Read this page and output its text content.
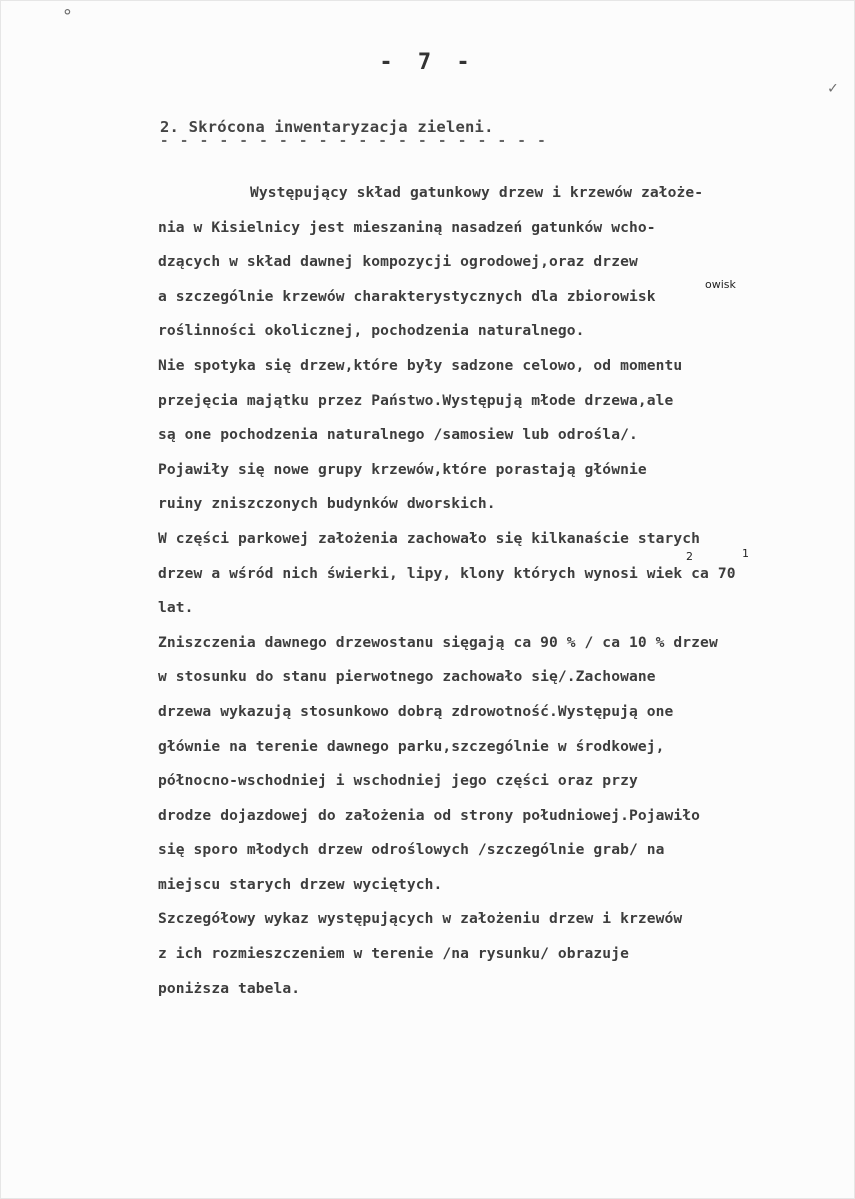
°
✓
- 7 -
2. Skrócona inwentaryzacja zieleni.
- - - - - - - - - - - - - - - - - - - -
Występujący skład gatunkowy drzew i krzewów założe-
nia w Kisielnicy jest mieszaniną nasadzeń gatunków wcho-
dzących w skład dawnej kompozycji ogrodowej,oraz drzew
a szczególnie krzewów charakterystycznych dla zbiorowisk
roślinności okolicznej, pochodzenia naturalnego.
Nie spotyka się drzew,które były sadzone celowo, od momentu
przejęcia majątku przez Państwo.Występują młode drzewa,ale
są one pochodzenia naturalnego /samosiew lub odrośla/.
Pojawiły się nowe grupy krzewów,które porastają głównie
ruiny zniszczonych budynków dworskich.
W części parkowej założenia zachowało się kilkanaście starych
drzew a wśród nich świerki, lipy, klony których wynosi wiek ca 70
lat.
Zniszczenia dawnego drzewostanu sięgają ca 90 % / ca 10 % drzew
w stosunku do stanu pierwotnego zachowało się/.Zachowane
drzewa wykazują stosunkowo dobrą zdrowotność.Występują one
głównie na terenie dawnego parku,szczególnie w środkowej,
północno-wschodniej i wschodniej jego części oraz przy
drodze dojazdowej do założenia od strony południowej.Pojawiło
się sporo młodych drzew odroślowych /szczególnie grab/ na
miejscu starych drzew wyciętych.
Szczegółowy wykaz występujących w założeniu drzew i krzewów
z ich rozmieszczeniem w terenie /na rysunku/ obrazuje
poniższa tabela.
owisk
2	1
